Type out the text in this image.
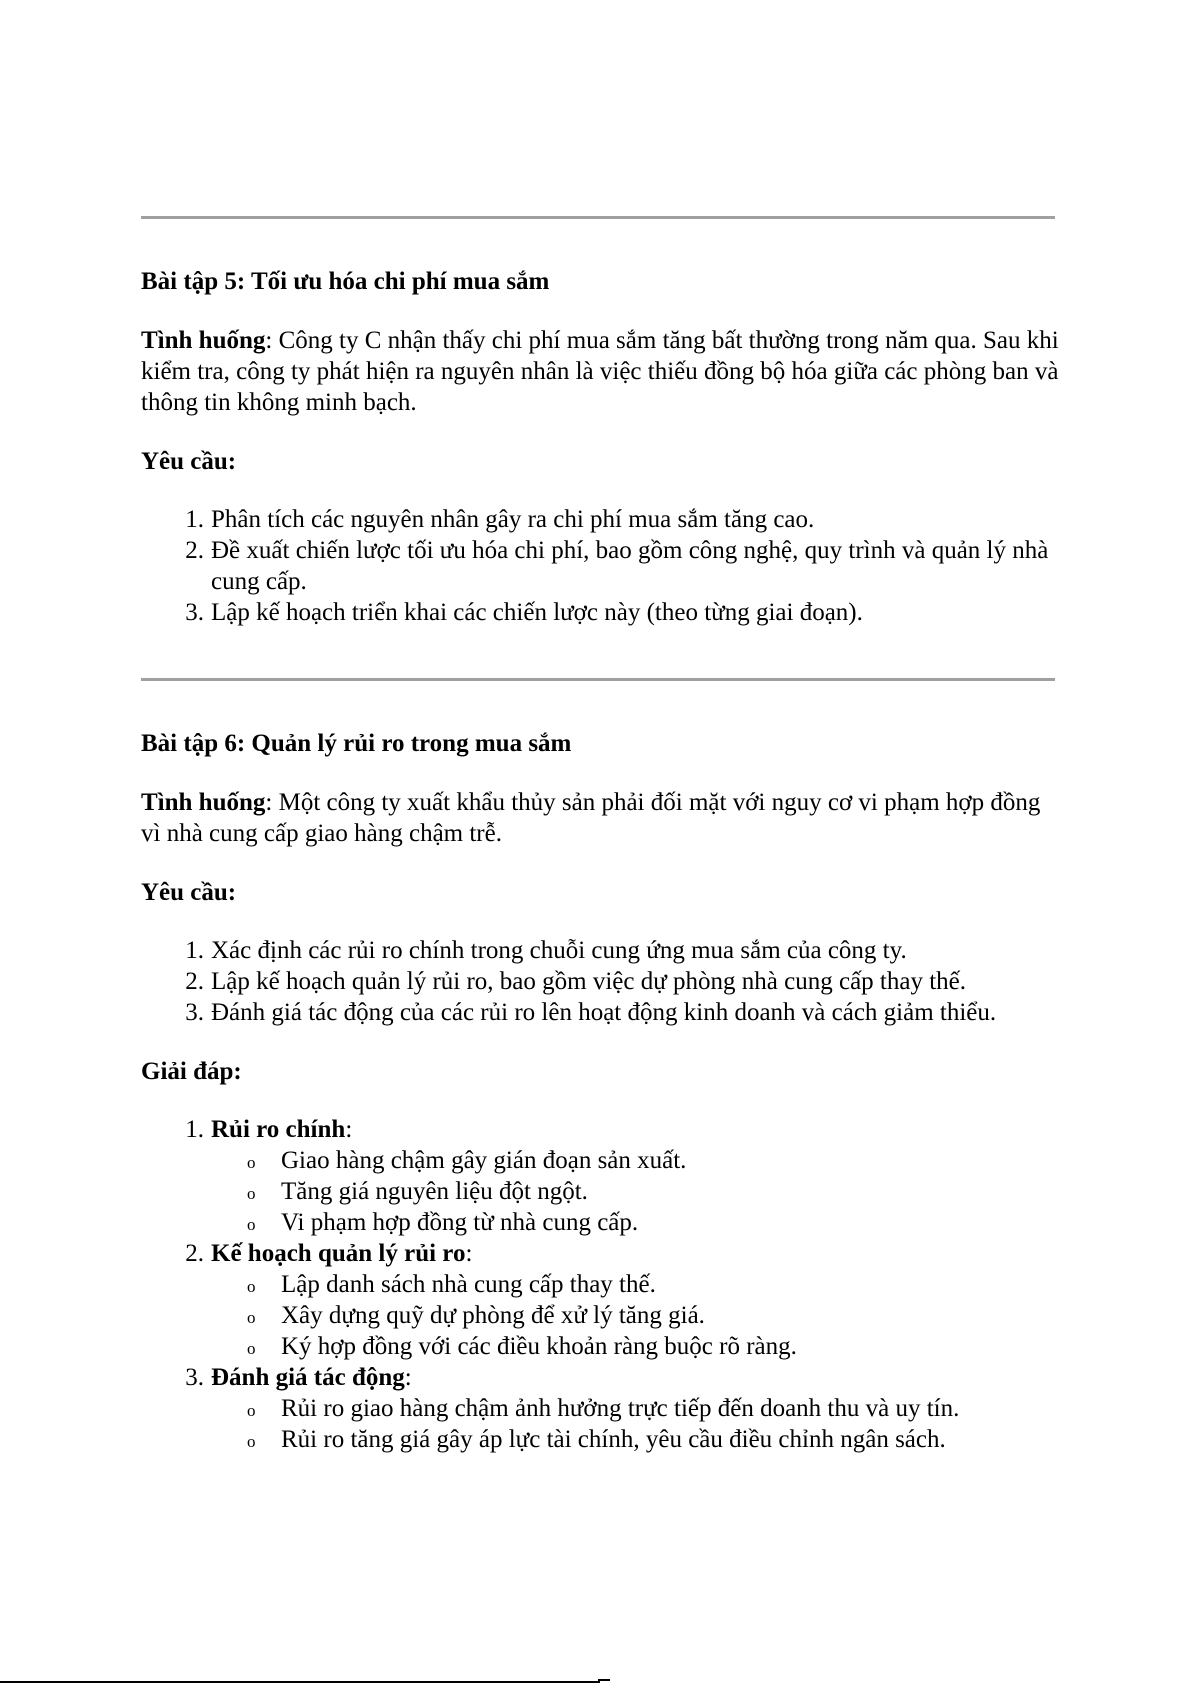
Bài tập 5: Tối ưu hóa chi phí mua sắm

Tình huống: Công ty C nhận thấy chi phí mua sắm tăng bất thường trong năm qua. Sau khi kiểm tra, công ty phát hiện ra nguyên nhân là việc thiếu đồng bộ hóa giữa các phòng ban và thông tin không minh bạch.

Yêu cầu:

1. Phân tích các nguyên nhân gây ra chi phí mua sắm tăng cao.
2. Đề xuất chiến lược tối ưu hóa chi phí, bao gồm công nghệ, quy trình và quản lý nhà cung cấp.
3. Lập kế hoạch triển khai các chiến lược này (theo từng giai đoạn).

Bài tập 6: Quản lý rủi ro trong mua sắm

Tình huống: Một công ty xuất khẩu thủy sản phải đối mặt với nguy cơ vi phạm hợp đồng vì nhà cung cấp giao hàng chậm trễ.

Yêu cầu:

1. Xác định các rủi ro chính trong chuỗi cung ứng mua sắm của công ty.
2. Lập kế hoạch quản lý rủi ro, bao gồm việc dự phòng nhà cung cấp thay thế.
3. Đánh giá tác động của các rủi ro lên hoạt động kinh doanh và cách giảm thiểu.

Giải đáp:

1. Rủi ro chính:
o Giao hàng chậm gây gián đoạn sản xuất.
o Tăng giá nguyên liệu đột ngột.
o Vi phạm hợp đồng từ nhà cung cấp.
2. Kế hoạch quản lý rủi ro:
o Lập danh sách nhà cung cấp thay thế.
o Xây dựng quỹ dự phòng để xử lý tăng giá.
o Ký hợp đồng với các điều khoản ràng buộc rõ ràng.
3. Đánh giá tác động:
o Rủi ro giao hàng chậm ảnh hưởng trực tiếp đến doanh thu và uy tín.
o Rủi ro tăng giá gây áp lực tài chính, yêu cầu điều chỉnh ngân sách.
